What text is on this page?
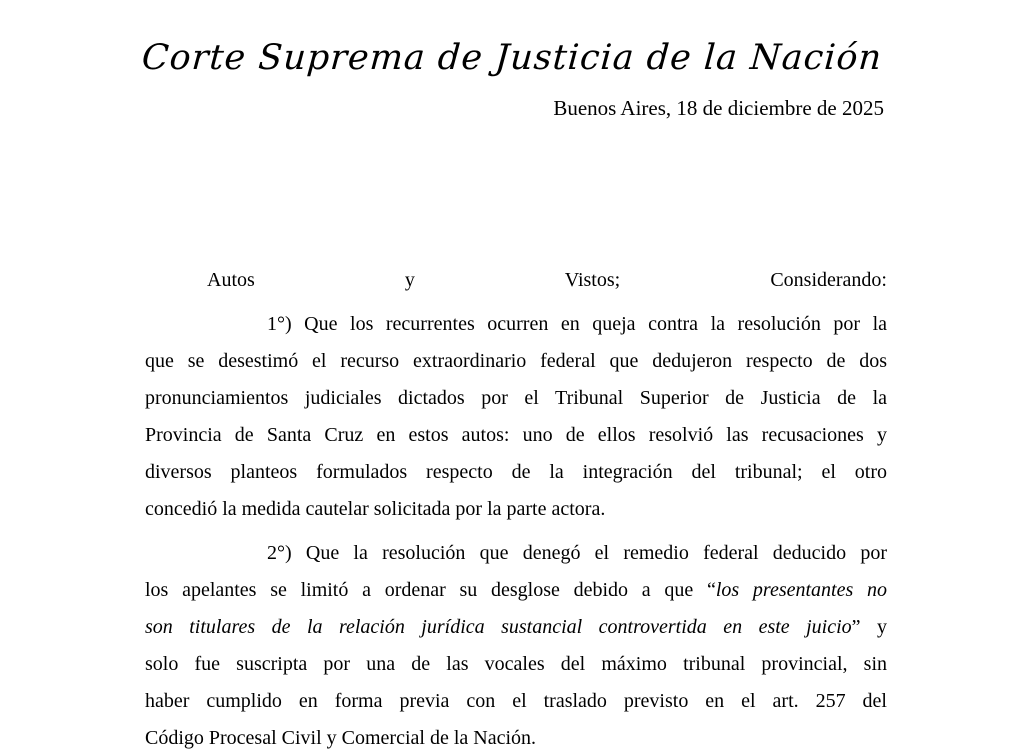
Corte Suprema de Justicia de la Nación
Buenos Aires, 18 de diciembre de 2025
Autos y Vistos; Considerando:
1°) Que los recurrentes ocurren en queja contra la resolución por la
que se desestimó el recurso extraordinario federal que dedujeron respecto de dos
pronunciamientos judiciales dictados por el Tribunal Superior de Justicia de la
Provincia de Santa Cruz en estos autos: uno de ellos resolvió las recusaciones y
diversos planteos formulados respecto de la integración del tribunal; el otro
concedió la medida cautelar solicitada por la parte actora.
2°) Que la resolución que denegó el remedio federal deducido por
los apelantes se limitó a ordenar su desglose debido a que “los presentantes no
son titulares de la relación jurídica sustancial controvertida en este juicio” y
solo fue suscripta por una de las vocales del máximo tribunal provincial, sin
haber cumplido en forma previa con el traslado previsto en el art. 257 del
Código Procesal Civil y Comercial de la Nación.
